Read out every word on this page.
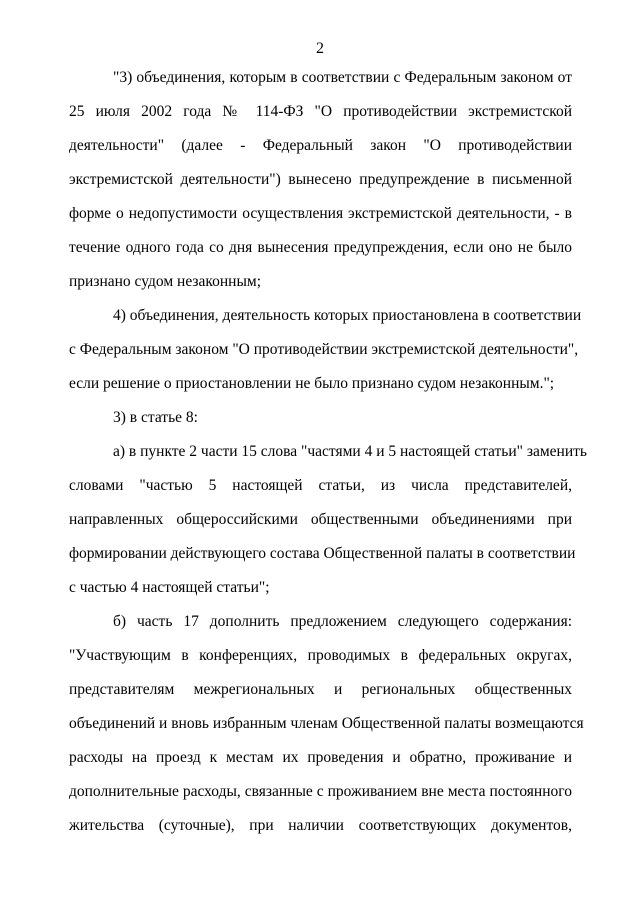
2
"3) объединения, которым в соответствии с Федеральным законом от
25 июля 2002 года № 114-ФЗ "О противодействии экстремистской
деятельности" (далее - Федеральный закон "О противодействии
экстремистской деятельности") вынесено предупреждение в письменной
форме о недопустимости осуществления экстремистской деятельности, - в
течение одного года со дня вынесения предупреждения, если оно не было
признано судом незаконным;
4) объединения, деятельность которых приостановлена в соответствии
с Федеральным законом "О противодействии экстремистской деятельности",
если решение о приостановлении не было признано судом незаконным.";
3) в статье 8:
а) в пункте 2 части 15 слова "частями 4 и 5 настоящей статьи" заменить
словами "частью 5 настоящей статьи, из числа представителей,
направленных общероссийскими общественными объединениями при
формировании действующего состава Общественной палаты в соответствии
с частью 4 настоящей статьи";
б) часть 17 дополнить предложением следующего содержания:
"Участвующим в конференциях, проводимых в федеральных округах,
представителям межрегиональных и региональных общественных
объединений и вновь избранным членам Общественной палаты возмещаются
расходы на проезд к местам их проведения и обратно, проживание и
дополнительные расходы, связанные с проживанием вне места постоянного
жительства (суточные), при наличии соответствующих документов,
